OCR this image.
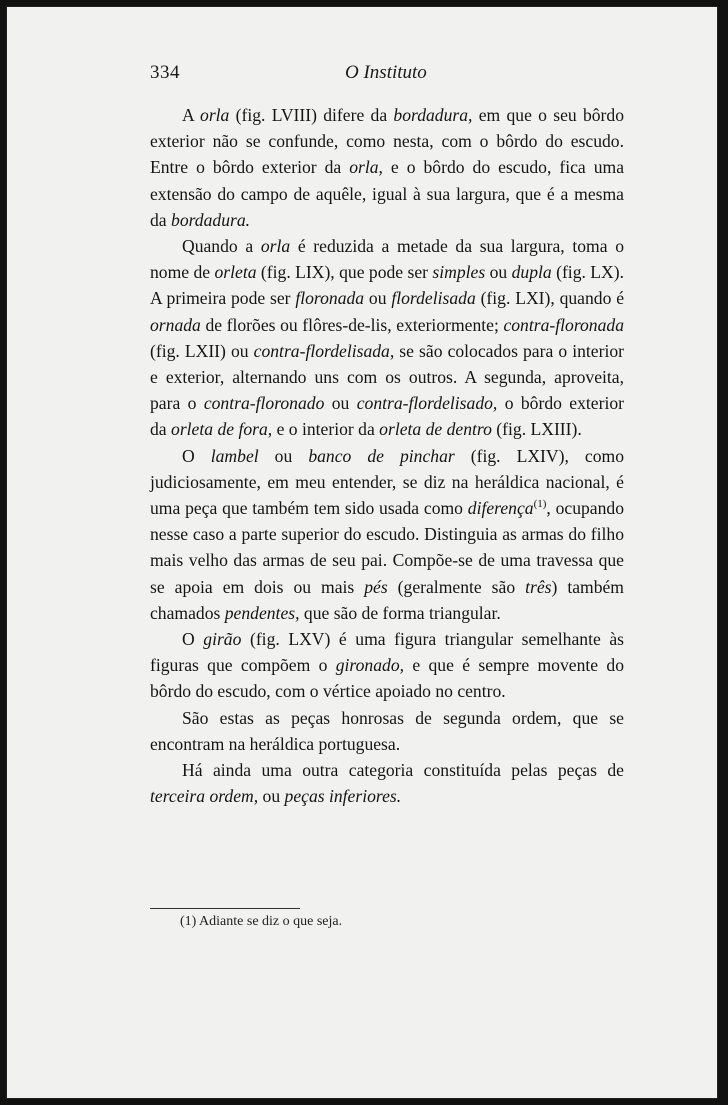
334	O Instituto

A orla (fig. LVIII) difere da bordadura, em que o seu bôrdo exterior não se confunde, como nesta, com o bôrdo do escudo. Entre o bôrdo exterior da orla, e o bôrdo do escudo, fica uma extensão do campo de aquêle, igual à sua largura, que é a mesma da bordadura.

Quando a orla é reduzida a metade da sua largura, toma o nome de orleta (fig. LIX), que pode ser simples ou dupla (fig. LX). A primeira pode ser floronada ou flordelisada (fig. LXI), quando é ornada de florões ou flôres-de-lis, exteriormente; contra-floronada (fig. LXII) ou contra-flordelisada, se são colocados para o interior e exterior, alternando uns com os outros. A segunda, aproveita, para o contra-floronado ou contra-flordelisado, o bôrdo exterior da orleta de fora, e o interior da orleta de dentro (fig. LXIII).

O lambel ou banco de pinchar (fig. LXIV), como judiciosamente, em meu entender, se diz na heráldica nacional, é uma peça que também tem sido usada como diferença$^{(1)}$, ocupando nesse caso a parte superior do escudo. Distinguia as armas do filho mais velho das armas de seu pai. Compõe-se de uma travessa que se apoia em dois ou mais pés (geralmente são três) também chamados pendentes, que são de forma triangular.

O girão (fig. LXV) é uma figura triangular semelhante às figuras que compõem o gironado, e que é sempre movente do bôrdo do escudo, com o vértice apoiado no centro.

São estas as peças honrosas de segunda ordem, que se encontram na heráldica portuguesa.

Há ainda uma outra categoria constituída pelas peças de terceira ordem, ou peças inferiores.

(1) Adiante se diz o que seja.
